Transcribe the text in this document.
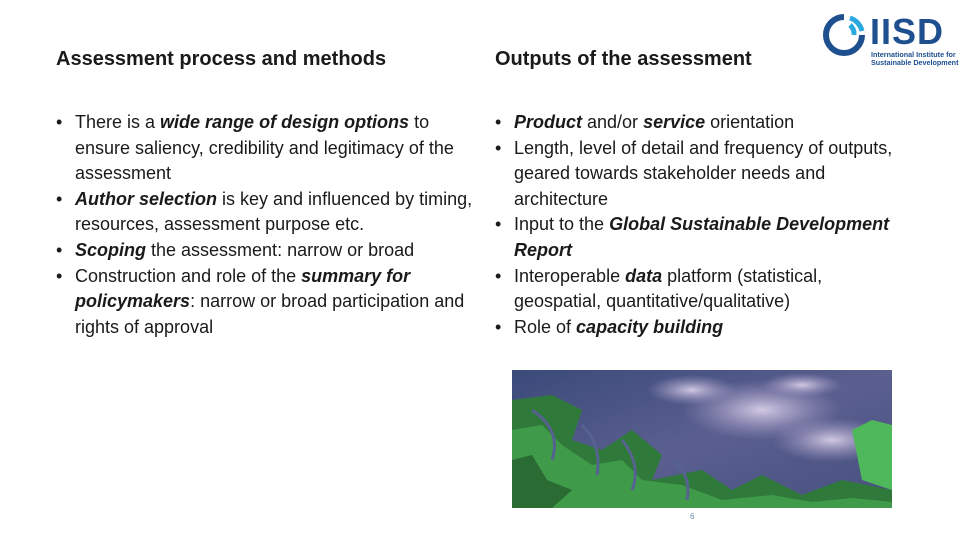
Assessment process and methods
• There is a wide range of design options to ensure saliency, credibility and legitimacy of the assessment
• Author selection is key and influenced by timing, resources, assessment purpose etc.
• Scoping the assessment: narrow or broad
• Construction and role of the summary for policymakers: narrow or broad participation and rights of approval
Outputs of the assessment
• Product and/or service orientation
• Length, level of detail and frequency of outputs, geared towards stakeholder needs and architecture
• Input to the Global Sustainable Development Report
• Interoperable data platform (statistical, geospatial, quantitative/qualitative)
• Role of capacity building
IISD
International Institute for Sustainable Development
6
